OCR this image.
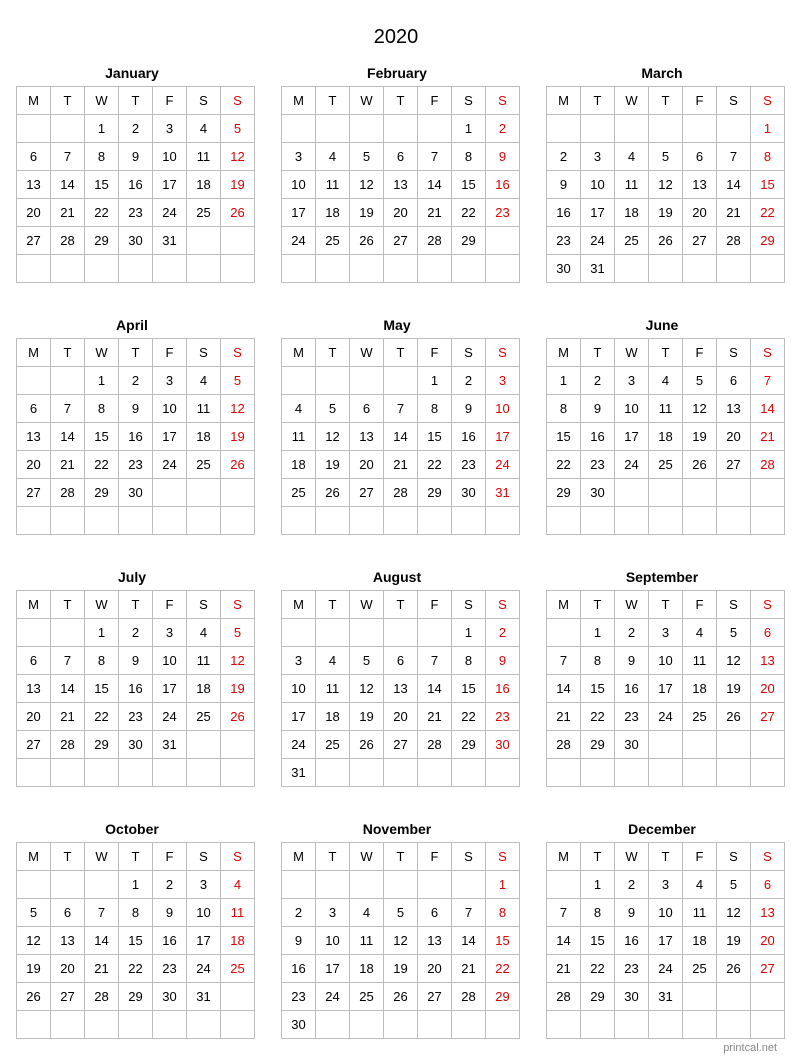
2020
January
M	T	W	T	F	S	S
		1	2	3	4	5
6	7	8	9	10	11	12
13	14	15	16	17	18	19
20	21	22	23	24	25	26
27	28	29	30	31		

February
M	T	W	T	F	S	S
					1	2
3	4	5	6	7	8	9
10	11	12	13	14	15	16
17	18	19	20	21	22	23
24	25	26	27	28	29	

March
M	T	W	T	F	S	S
						1
2	3	4	5	6	7	8
9	10	11	12	13	14	15
16	17	18	19	20	21	22
23	24	25	26	27	28	29
30	31					
April
M	T	W	T	F	S	S
		1	2	3	4	5
6	7	8	9	10	11	12
13	14	15	16	17	18	19
20	21	22	23	24	25	26
27	28	29	30			

May
M	T	W	T	F	S	S
				1	2	3
4	5	6	7	8	9	10
11	12	13	14	15	16	17
18	19	20	21	22	23	24
25	26	27	28	29	30	31

June
M	T	W	T	F	S	S
1	2	3	4	5	6	7
8	9	10	11	12	13	14
15	16	17	18	19	20	21
22	23	24	25	26	27	28
29	30					

July
M	T	W	T	F	S	S
		1	2	3	4	5
6	7	8	9	10	11	12
13	14	15	16	17	18	19
20	21	22	23	24	25	26
27	28	29	30	31		

August
M	T	W	T	F	S	S
					1	2
3	4	5	6	7	8	9
10	11	12	13	14	15	16
17	18	19	20	21	22	23
24	25	26	27	28	29	30
31						
September
M	T	W	T	F	S	S
	1	2	3	4	5	6
7	8	9	10	11	12	13
14	15	16	17	18	19	20
21	22	23	24	25	26	27
28	29	30				

October
M	T	W	T	F	S	S
			1	2	3	4
5	6	7	8	9	10	11
12	13	14	15	16	17	18
19	20	21	22	23	24	25
26	27	28	29	30	31	

November
M	T	W	T	F	S	S
						1
2	3	4	5	6	7	8
9	10	11	12	13	14	15
16	17	18	19	20	21	22
23	24	25	26	27	28	29
30						
December
M	T	W	T	F	S	S
	1	2	3	4	5	6
7	8	9	10	11	12	13
14	15	16	17	18	19	20
21	22	23	24	25	26	27
28	29	30	31			

printcal.net
